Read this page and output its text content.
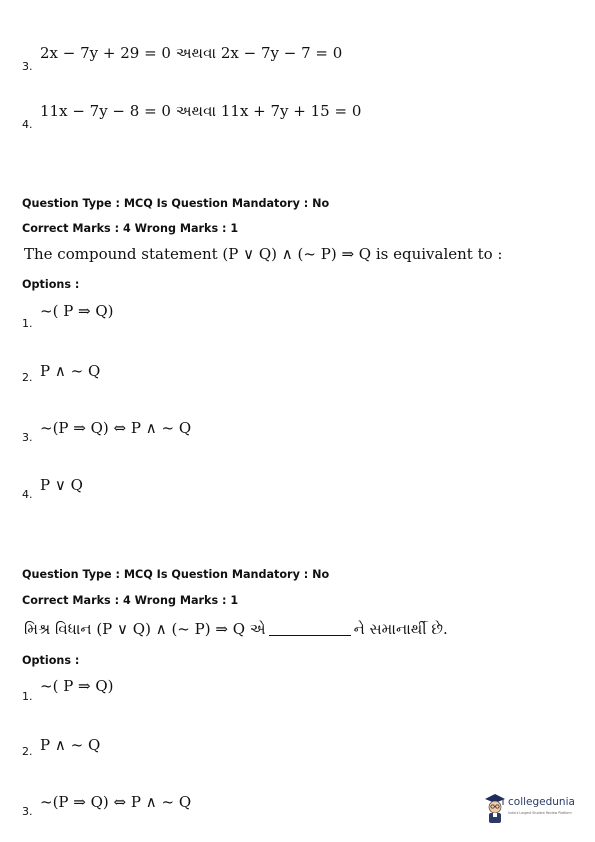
2x − 7y + 29 = 0 અથવા 2x − 7y − 7 = 0
3.
11x − 7y − 8 = 0 અથવા 11x + 7y + 15 = 0
4.
Question Type : MCQ Is Question Mandatory : No
Correct Marks : 4 Wrong Marks : 1
The compound statement (P ∨ Q) ∧ (~ P) ⇒ Q is equivalent to :
Options :
~( P ⇒ Q)
1.
P ∧ ~ Q
2.
~(P ⇒ Q) ⇔ P ∧ ~ Q
3.
P ∨ Q
4.
Question Type : MCQ Is Question Mandatory : No
Correct Marks : 4 Wrong Marks : 1
મિશ્ર વિધાન (P ∨ Q) ∧ (~ P) ⇒ Q એ	ને સમાનાર્થી છે.
Options :
~( P ⇒ Q)
1.
P ∧ ~ Q
2.
~(P ⇒ Q) ⇔ P ∧ ~ Q
3.
collegedunia
India's Largest Student Review Platform
